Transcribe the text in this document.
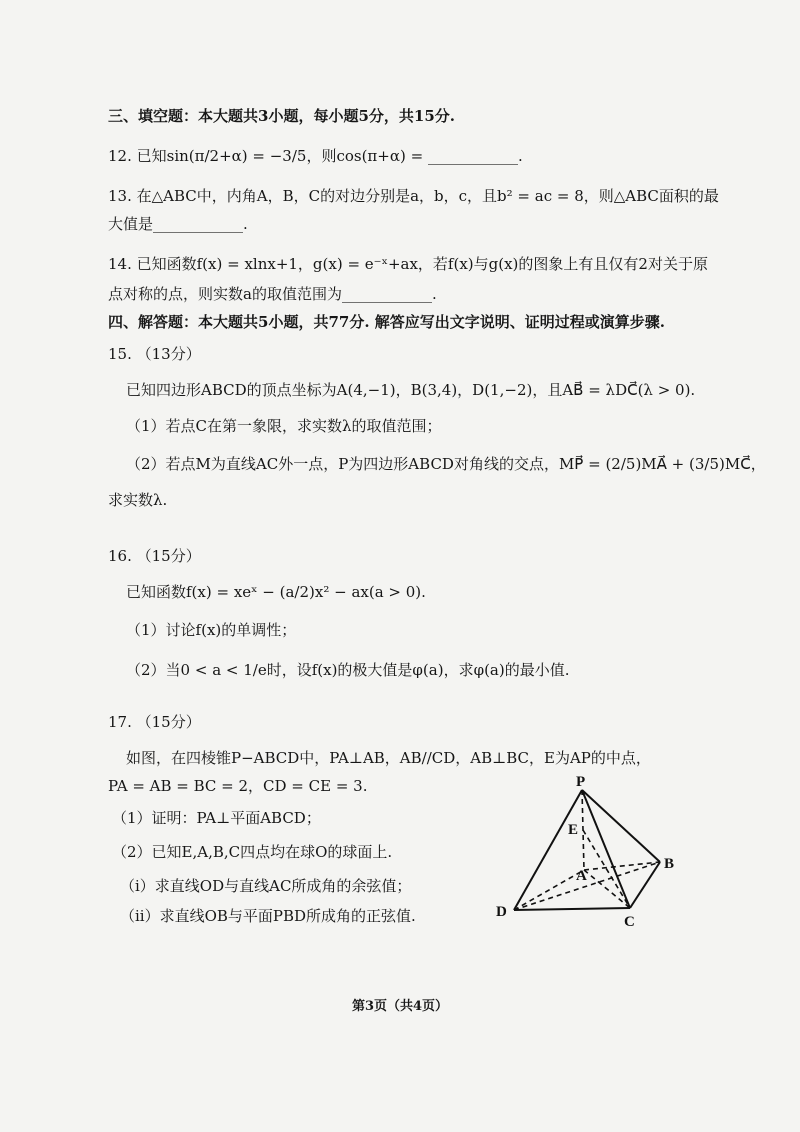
三、填空题：本大题共3小题，每小题5分，共15分.
12. 已知sin(π/2+α) = −3/5，则cos(π+α) = ____________.
13. 在△ABC中，内角A，B，C的对边分别是a，b，c，且b² = ac = 8，则△ABC面积的最
大值是____________.
14. 已知函数f(x) = xlnx+1，g(x) = e⁻ˣ+ax，若f(x)与g(x)的图象上有且仅有2对关于原
点对称的点，则实数a的取值范围为____________.
四、解答题：本大题共5小题，共77分. 解答应写出文字说明、证明过程或演算步骤.
15. （13分）
已知四边形ABCD的顶点坐标为A(4,−1)，B(3,4)，D(1,−2)，且AB⃗ = λDC⃗(λ > 0).
（1）若点C在第一象限，求实数λ的取值范围；
（2）若点M为直线AC外一点，P为四边形ABCD对角线的交点，MP⃗ = (2/5)MA⃗ + (3/5)MC⃗，
求实数λ.
16. （15分）
已知函数f(x) = xeˣ − (a/2)x² − ax(a > 0).
（1）讨论f(x)的单调性；
（2）当0 < a < 1/e时，设f(x)的极大值是φ(a)，求φ(a)的最小值.
17. （15分）
如图，在四棱锥P−ABCD中，PA⊥AB，AB//CD，AB⊥BC，E为AP的中点，
PA = AB = BC = 2，CD = CE = 3.
（1）证明：PA⊥平面ABCD；
（2）已知E,A,B,C四点均在球O的球面上.
（i）求直线OD与直线AC所成角的余弦值；
（ii）求直线OB与平面PBD所成角的正弦值.
P
E
A
B
D
C
第3页（共4页）
